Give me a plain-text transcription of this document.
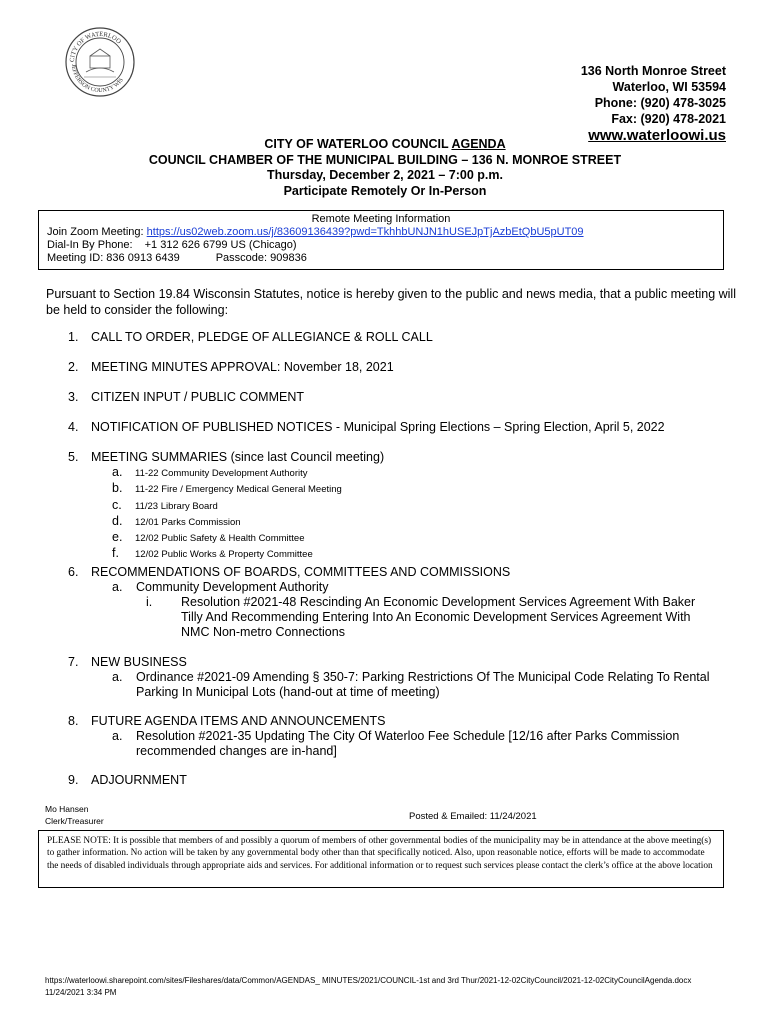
CITY OF WATERLOO
JEFFERSON COUNTY WIS
136 North Monroe Street
Waterloo, WI 53594
Phone: (920) 478-3025
Fax: (920) 478-2021
www.waterloowi.us
CITY OF WATERLOO COUNCIL AGENDA
COUNCIL CHAMBER OF THE MUNICIPAL BUILDING – 136 N. MONROE STREET
Thursday, December 2, 2021 – 7:00 p.m.
Participate Remotely Or In-Person
Remote Meeting Information
Join Zoom Meeting: https://us02web.zoom.us/j/83609136439?pwd=TkhhbUNJN1hUSEJpTjAzbEtQbU5pUT09
Dial-In By Phone: +1 312 626 6799 US (Chicago)
Meeting ID: 836 0913 6439	Passcode: 909836
Pursuant to Section 19.84 Wisconsin Statutes, notice is hereby given to the public and news media, that a public meeting will be held to consider the following:
1. CALL TO ORDER, PLEDGE OF ALLEGIANCE & ROLL CALL
2. MEETING MINUTES APPROVAL: November 18, 2021
3. CITIZEN INPUT / PUBLIC COMMENT
4. NOTIFICATION OF PUBLISHED NOTICES - Municipal Spring Elections – Spring Election, April 5, 2022
5. MEETING SUMMARIES (since last Council meeting)
a. 11-22 Community Development Authority
b. 11-22 Fire / Emergency Medical General Meeting
c. 11/23 Library Board
d. 12/01 Parks Commission
e. 12/02 Public Safety & Health Committee
f. 12/02 Public Works & Property Committee
6. RECOMMENDATIONS OF BOARDS, COMMITTEES AND COMMISSIONS
a. Community Development Authority
i. Resolution #2021-48 Rescinding An Economic Development Services Agreement With Baker
Tilly And Recommending Entering Into An Economic Development Services Agreement With
NMC Non-metro Connections
7. NEW BUSINESS
a. Ordinance #2021-09 Amending § 350-7: Parking Restrictions Of The Municipal Code Relating To Rental
Parking In Municipal Lots (hand-out at time of meeting)
8. FUTURE AGENDA ITEMS AND ANNOUNCEMENTS
a. Resolution #2021-35 Updating The City Of Waterloo Fee Schedule [12/16 after Parks Commission
recommended changes are in-hand]
9. ADJOURNMENT
Mo Hansen
Clerk/Treasurer	Posted & Emailed: 11/24/2021
PLEASE NOTE: It is possible that members of and possibly a quorum of members of other governmental bodies of the municipality may be in attendance at the above meeting(s) to gather information. No action will be taken by any governmental body other than that specifically noticed. Also, upon reasonable notice, efforts will be made to accommodate the needs of disabled individuals through appropriate aids and services. For additional information or to request such services please contact the clerk’s office at the above location
https://waterloowi.sharepoint.com/sites/Fileshares/data/Common/AGENDAS_ MINUTES/2021/COUNCIL-1st and 3rd Thur/2021-12-02CityCouncil/2021-12-02CityCouncilAgenda.docx
11/24/2021 3:34 PM
